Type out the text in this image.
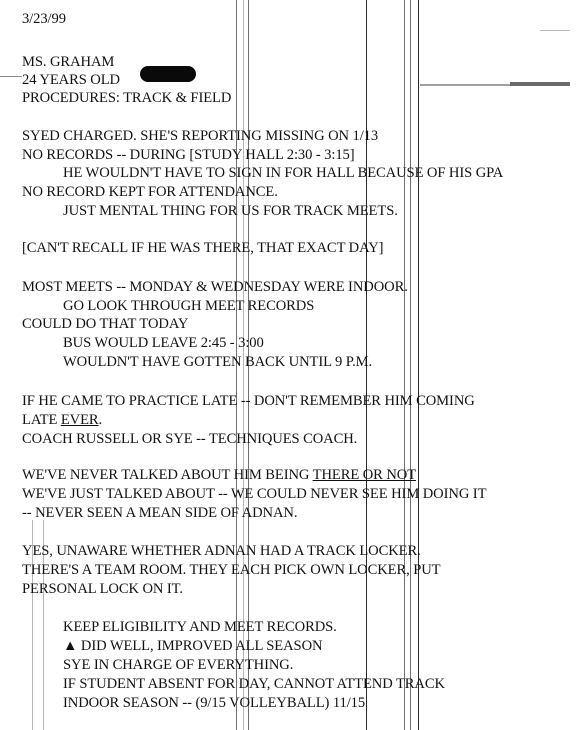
3/23/99
MS. GRAHAM
24 YEARS OLD
PROCEDURES: TRACK & FIELD
SYED CHARGED. SHE'S REPORTING MISSING ON 1/13
NO RECORDS -- DURING [STUDY HALL 2:30 - 3:15]
HE WOULDN'T HAVE TO SIGN IN FOR HALL BECAUSE OF HIS GPA
NO RECORD KEPT FOR ATTENDANCE.
JUST MENTAL THING FOR US FOR TRACK MEETS.
[CAN'T RECALL IF HE WAS THERE, THAT EXACT DAY]
MOST MEETS -- MONDAY & WEDNESDAY WERE INDOOR.
GO LOOK THROUGH MEET RECORDS
COULD DO THAT TODAY
BUS WOULD LEAVE 2:45 - 3:00
WOULDN'T HAVE GOTTEN BACK UNTIL 9 P.M.
IF HE CAME TO PRACTICE LATE -- DON'T REMEMBER HIM COMING
LATE EVER.
COACH RUSSELL OR SYE -- TECHNIQUES COACH.
WE'VE NEVER TALKED ABOUT HIM BEING THERE OR NOT
WE'VE JUST TALKED ABOUT -- WE COULD NEVER SEE HIM DOING IT
-- NEVER SEEN A MEAN SIDE OF ADNAN.
YES, UNAWARE WHETHER ADNAN HAD A TRACK LOCKER.
THERE'S A TEAM ROOM. THEY EACH PICK OWN LOCKER, PUT
PERSONAL LOCK ON IT.
KEEP ELIGIBILITY AND MEET RECORDS.
▲ DID WELL, IMPROVED ALL SEASON
SYE IN CHARGE OF EVERYTHING.
IF STUDENT ABSENT FOR DAY, CANNOT ATTEND TRACK
INDOOR SEASON -- (9/15 VOLLEYBALL) 11/15
